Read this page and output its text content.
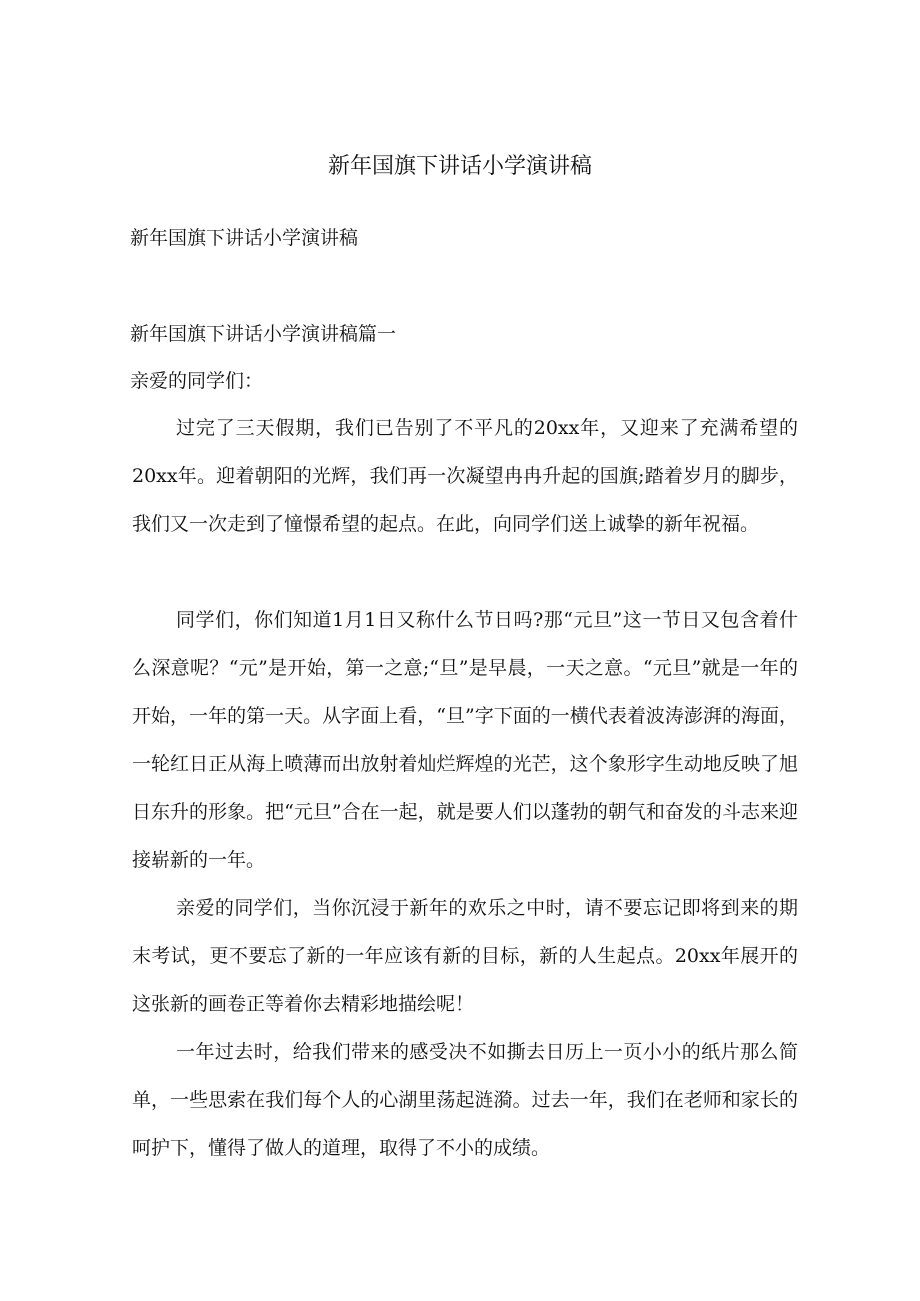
新年国旗下讲话小学演讲稿
新年国旗下讲话小学演讲稿
新年国旗下讲话小学演讲稿篇一
亲爱的同学们：

过完了三天假期，我们已告别了不平凡的20xx年，又迎来了充满希望的20xx年。迎着朝阳的光辉，我们再一次凝望冉冉升起的国旗;踏着岁月的脚步，我们又一次走到了憧憬希望的起点。在此，向同学们送上诚挚的新年祝福。

同学们，你们知道1月1日又称什么节日吗?那“元旦”这一节日又包含着什么深意呢？“元”是开始，第一之意;“旦”是早晨，一天之意。“元旦”就是一年的开始，一年的第一天。从字面上看，“旦”字下面的一横代表着波涛澎湃的海面，一轮红日正从海上喷薄而出放射着灿烂辉煌的光芒，这个象形字生动地反映了旭日东升的形象。把“元旦”合在一起，就是要人们以蓬勃的朝气和奋发的斗志来迎接崭新的一年。

亲爱的同学们，当你沉浸于新年的欢乐之中时，请不要忘记即将到来的期末考试，更不要忘了新的一年应该有新的目标，新的人生起点。20xx年展开的这张新的画卷正等着你去精彩地描绘呢！

一年过去时，给我们带来的感受决不如撕去日历上一页小小的纸片那么简单，一些思索在我们每个人的心湖里荡起涟漪。过去一年，我们在老师和家长的呵护下，懂得了做人的道理，取得了不小的成绩。
